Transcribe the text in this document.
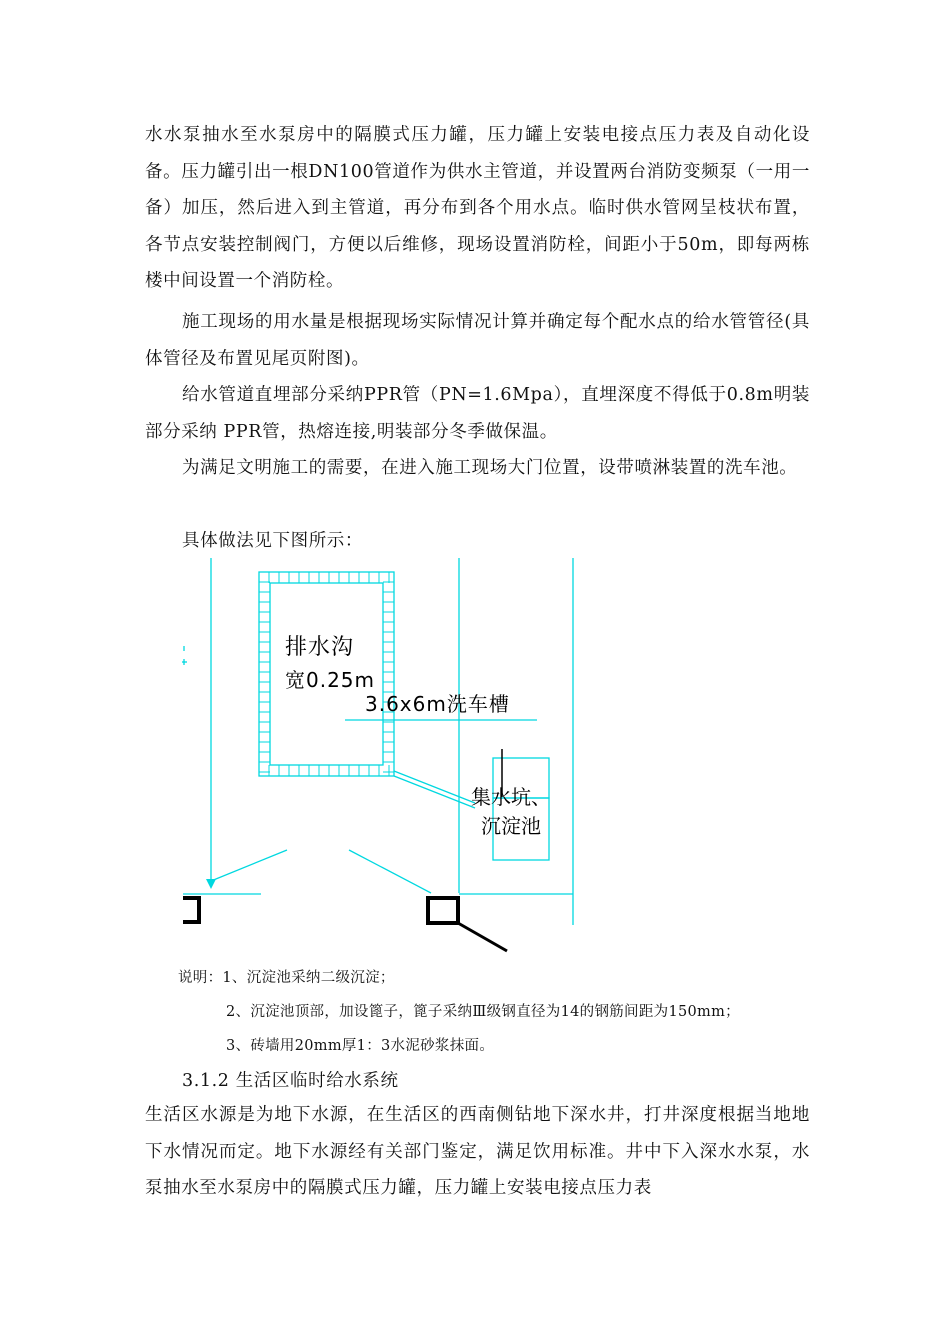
水水泵抽水至水泵房中的隔膜式压力罐，压力罐上安装电接点压力表及自动化设备。压力罐引出一根DN100管道作为供水主管道，并设置两台消防变频泵（一用一备）加压，然后进入到主管道，再分布到各个用水点。临时供水管网呈枝状布置，各节点安装控制阀门，方便以后维修，现场设置消防栓，间距小于50m，即每两栋楼中间设置一个消防栓。

施工现场的用水量是根据现场实际情况计算并确定每个配水点的给水管管径(具体管径及布置见尾页附图)。

给水管道直埋部分采纳PPR管（PN=1.6Mpa），直埋深度不得低于0.8m明装部分采纳 PPR管，热熔连接,明装部分冬季做保温。

为满足文明施工的需要，在进入施工现场大门位置，设带喷淋装置的洗车池。

具体做法见下图所示：

排水沟
宽0.25m
3.6x6m洗车槽
集水坑、
沉淀池

说明：1、沉淀池采纳二级沉淀；

2、沉淀池顶部，加设篦子，篦子采纳Ⅲ级钢直径为14的钢筋间距为150mm；

3、砖墙用20mm厚1：3水泥砂浆抹面。

3.1.2 生活区临时给水系统

生活区水源是为地下水源，在生活区的西南侧钻地下深水井，打井深度根据当地地下水情况而定。地下水源经有关部门鉴定，满足饮用标准。井中下入深水水泵，水泵抽水至水泵房中的隔膜式压力罐，压力罐上安装电接点压力表
